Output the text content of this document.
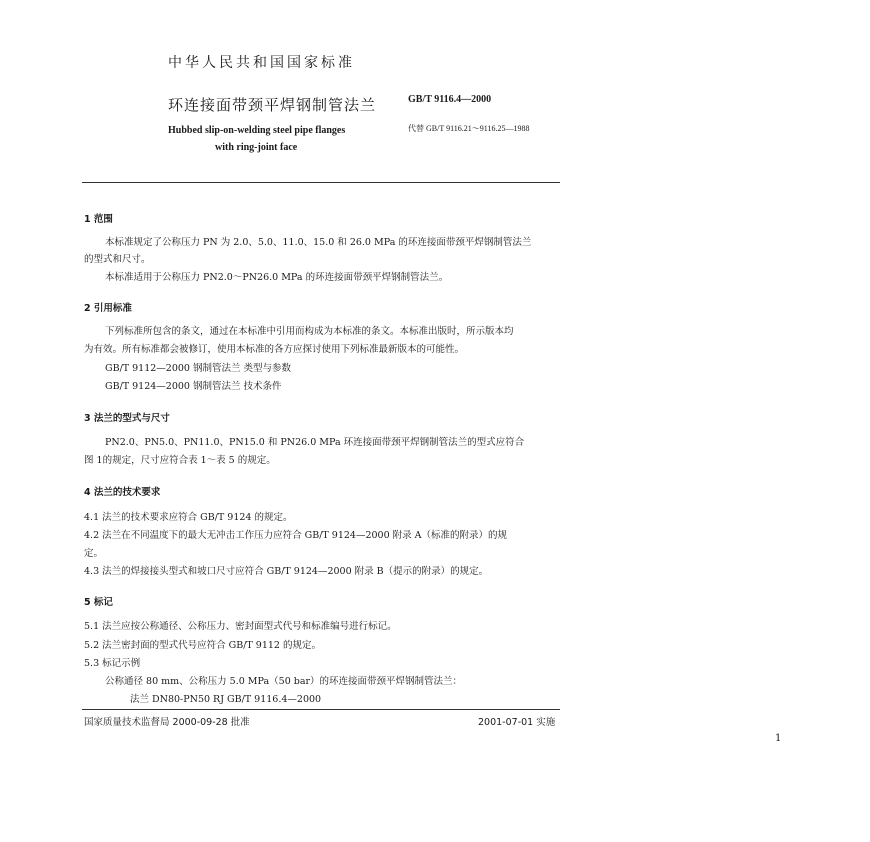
中华人民共和国国家标准
环连接面带颈平焊钢制管法兰	GB/T 9116.4—2000
Hubbed slip-on-welding steel pipe flanges	代替 GB/T 9116.21～9116.25—1988
with ring-joint face
1 范围
本标准规定了公称压力 PN 为 2.0、5.0、11.0、15.0 和 26.0 MPa 的环连接面带颈平焊钢制管法兰
的型式和尺寸。
本标准适用于公称压力 PN2.0～PN26.0 MPa 的环连接面带颈平焊钢制管法兰。
2 引用标准
下列标准所包含的条文，通过在本标准中引用而构成为本标准的条文。本标准出版时，所示版本均
为有效。所有标准都会被修订，使用本标准的各方应探讨使用下列标准最新版本的可能性。
GB/T 9112—2000 钢制管法兰 类型与参数
GB/T 9124—2000 钢制管法兰 技术条件
3 法兰的型式与尺寸
PN2.0、PN5.0、PN11.0、PN15.0 和 PN26.0 MPa 环连接面带颈平焊钢制管法兰的型式应符合
图 1的规定，尺寸应符合表 1～表 5 的规定。
4 法兰的技术要求
4.1 法兰的技术要求应符合 GB/T 9124 的规定。
4.2 法兰在不同温度下的最大无冲击工作压力应符合 GB/T 9124—2000 附录 A（标准的附录）的规
定。
4.3 法兰的焊接接头型式和坡口尺寸应符合 GB/T 9124—2000 附录 B（提示的附录）的规定。
5 标记
5.1 法兰应按公称通径、公称压力、密封面型式代号和标准编号进行标记。
5.2 法兰密封面的型式代号应符合 GB/T 9112 的规定。
5.3 标记示例
公称通径 80 mm、公称压力 5.0 MPa（50 bar）的环连接面带颈平焊钢制管法兰：
法兰 DN80-PN50 RJ GB/T 9116.4—2000
国家质量技术监督局 2000-09-28 批准	2001-07-01 实施
1
